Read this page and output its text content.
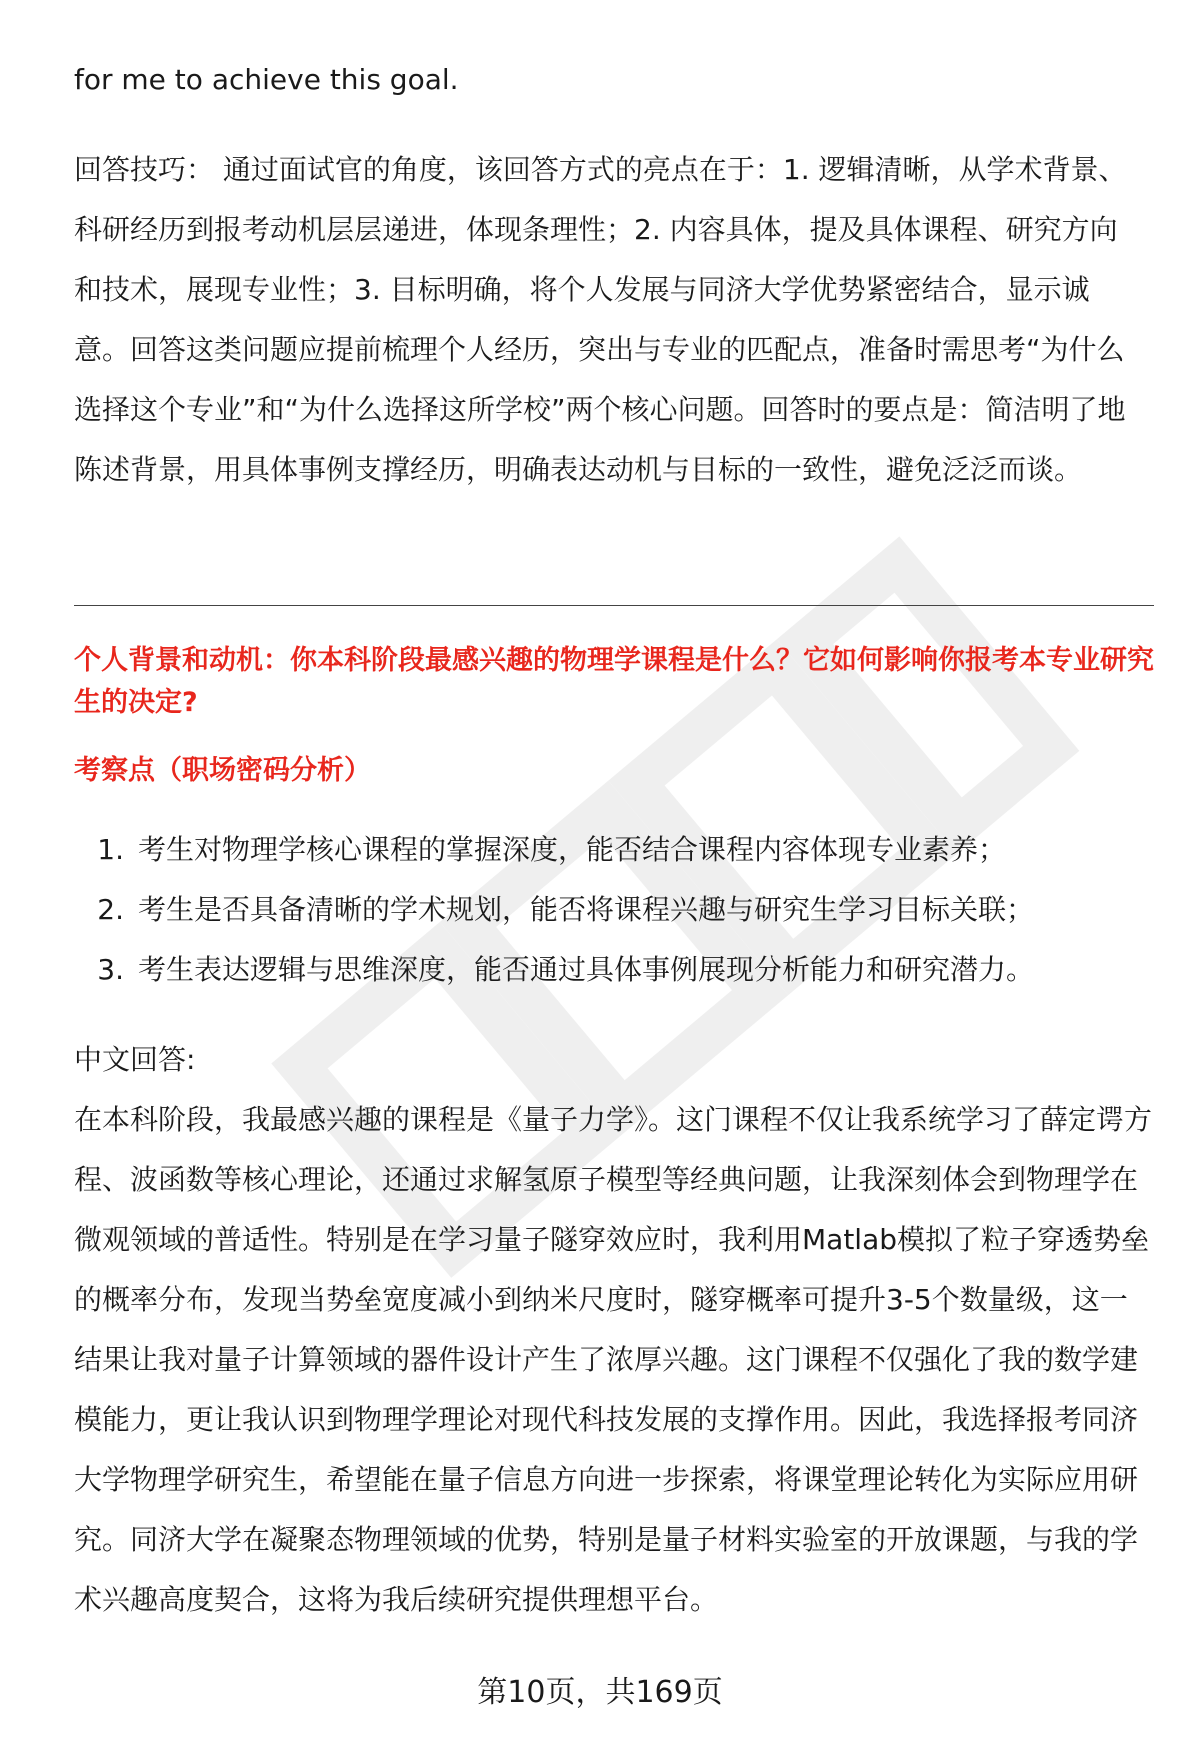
for me to achieve this goal.

回答技巧： 通过面试官的角度，该回答方式的亮点在于：1. 逻辑清晰，从学术背景、科研经历到报考动机层层递进，体现条理性；2. 内容具体，提及具体课程、研究方向和技术，展现专业性；3. 目标明确，将个人发展与同济大学优势紧密结合，显示诚意。回答这类问题应提前梳理个人经历，突出与专业的匹配点，准备时需思考“为什么选择这个专业”和“为什么选择这所学校”两个核心问题。回答时的要点是：简洁明了地陈述背景，用具体事例支撑经历，明确表达动机与目标的一致性，避免泛泛而谈。

个人背景和动机：你本科阶段最感兴趣的物理学课程是什么？它如何影响你报考本专业研究生的决定?
考察点（职场密码分析）
1. 考生对物理学核心课程的掌握深度，能否结合课程内容体现专业素养；
2. 考生是否具备清晰的学术规划，能否将课程兴趣与研究生学习目标关联；
3. 考生表达逻辑与思维深度，能否通过具体事例展现分析能力和研究潜力。

中文回答:

在本科阶段，我最感兴趣的课程是《量子力学》。这门课程不仅让我系统学习了薛定谔方程、波函数等核心理论，还通过求解氢原子模型等经典问题，让我深刻体会到物理学在微观领域的普适性。特别是在学习量子隧穿效应时，我利用Matlab模拟了粒子穿透势垒的概率分布，发现当势垒宽度减小到纳米尺度时，隧穿概率可提升3-5个数量级，这一结果让我对量子计算领域的器件设计产生了浓厚兴趣。这门课程不仅强化了我的数学建模能力，更让我认识到物理学理论对现代科技发展的支撑作用。因此，我选择报考同济大学物理学研究生，希望能在量子信息方向进一步探索，将课堂理论转化为实际应用研究。同济大学在凝聚态物理领域的优势，特别是量子材料实验室的开放课题，与我的学术兴趣高度契合，这将为我后续研究提供理想平台。

第10页，共169页
